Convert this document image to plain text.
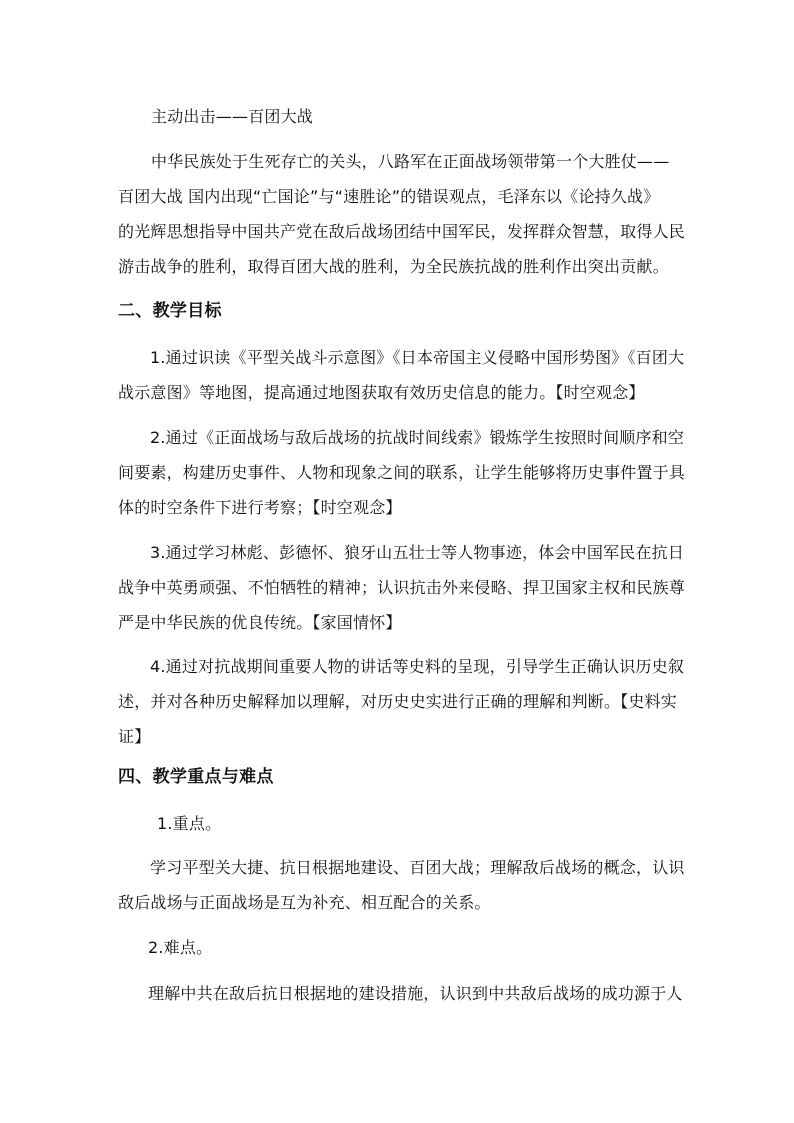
主动出击——百团大战
中华民族处于生死存亡的关头，八路军在正面战场领带第一个大胜仗——
百团大战 国内出现“亡国论”与“速胜论”的错误观点，毛泽东以《论持久战》
的光辉思想指导中国共产党在敌后战场团结中国军民，发挥群众智慧，取得人民
游击战争的胜利，取得百团大战的胜利，为全民族抗战的胜利作出突出贡献。
二、教学目标
1.通过识读《平型关战斗示意图》《日本帝国主义侵略中国形势图》《百团大
战示意图》等地图，提高通过地图获取有效历史信息的能力。【时空观念】
2.通过《正面战场与敌后战场的抗战时间线索》锻炼学生按照时间顺序和空
间要素，构建历史事件、人物和现象之间的联系，让学生能够将历史事件置于具
体的时空条件下进行考察；【时空观念】
3.通过学习林彪、彭德怀、狼牙山五壮士等人物事迹，体会中国军民在抗日
战争中英勇顽强、不怕牺牲的精神；认识抗击外来侵略、捍卫国家主权和民族尊
严是中华民族的优良传统。【家国情怀】
4.通过对抗战期间重要人物的讲话等史料的呈现，引导学生正确认识历史叙
述，并对各种历史解释加以理解，对历史史实进行正确的理解和判断。【史料实
证】
四、教学重点与难点
1.重点。
学习平型关大捷、抗日根据地建设、百团大战；理解敌后战场的概念，认识
敌后战场与正面战场是互为补充、相互配合的关系。
2.难点。
理解中共在敌后抗日根据地的建设措施，认识到中共敌后战场的成功源于人
